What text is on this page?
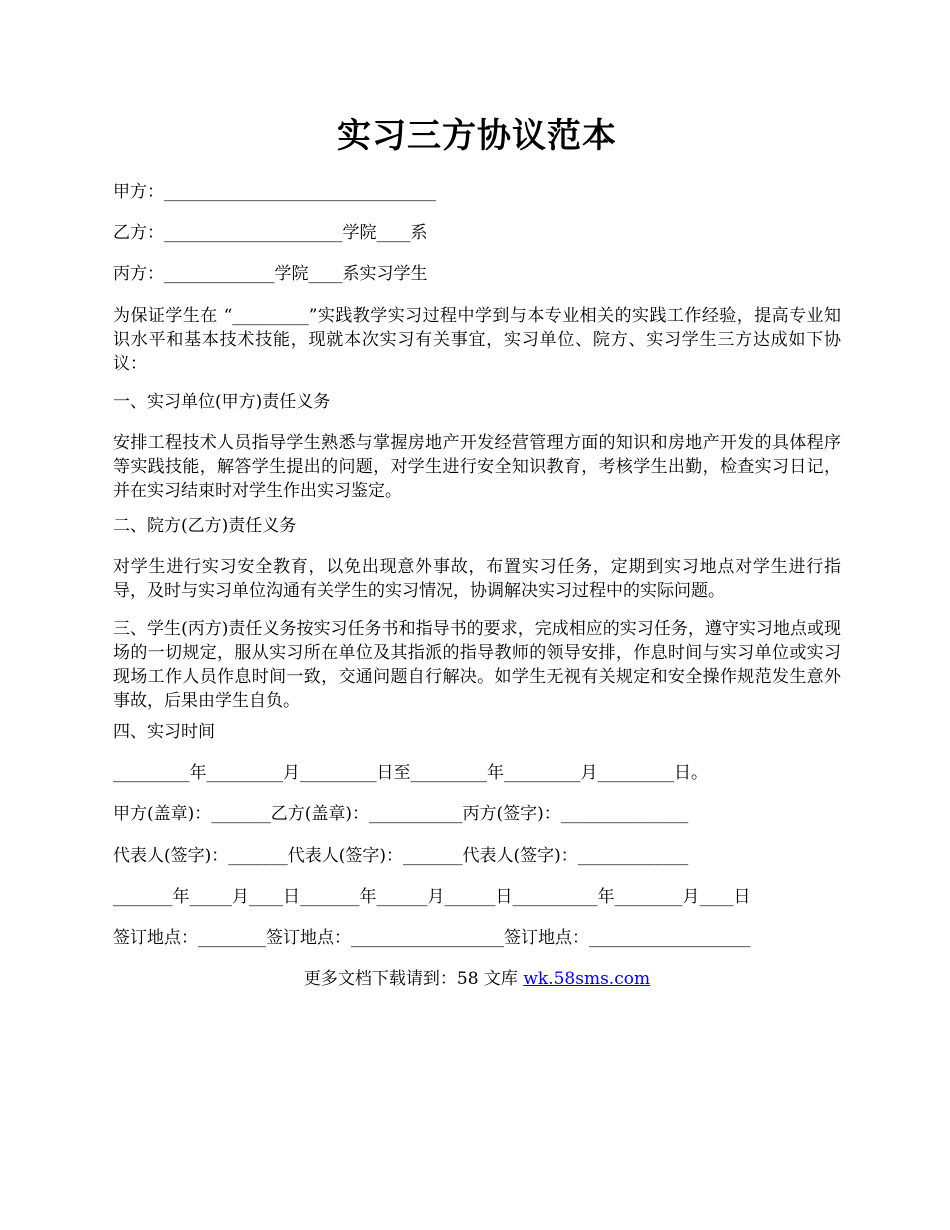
实习三方协议范本
甲方：________________________________
乙方：_____________________学院____系
丙方：_____________学院____系实习学生
为保证学生在 “_________”实践教学实习过程中学到与本专业相关的实践工作经验，提高专业知识水平和基本技术技能，现就本次实习有关事宜，实习单位、院方、实习学生三方达成如下协议：
一、实习单位(甲方)责任义务
安排工程技术人员指导学生熟悉与掌握房地产开发经营管理方面的知识和房地产开发的具体程序等实践技能，解答学生提出的问题，对学生进行安全知识教育，考核学生出勤，检查实习日记，并在实习结束时对学生作出实习鉴定。
二、院方(乙方)责任义务
对学生进行实习安全教育，以免出现意外事故，布置实习任务，定期到实习地点对学生进行指导，及时与实习单位沟通有关学生的实习情况，协调解决实习过程中的实际问题。
三、学生(丙方)责任义务按实习任务书和指导书的要求，完成相应的实习任务，遵守实习地点或现场的一切规定，服从实习所在单位及其指派的指导教师的领导安排，作息时间与实习单位或实习现场工作人员作息时间一致，交通问题自行解决。如学生无视有关规定和安全操作规范发生意外事故，后果由学生自负。
四、实习时间
_________年_________月_________日至_________年_________月_________日。
甲方(盖章)：_______乙方(盖章)：___________丙方(签字)：_______________
代表人(签字)：_______代表人(签字)：_______代表人(签字)：_____________
_______年_____月____日_______年______月______日__________年________月____日
签订地点：________签订地点：__________________签订地点：___________________
更多文档下载请到：58 文库 wk.58sms.com
